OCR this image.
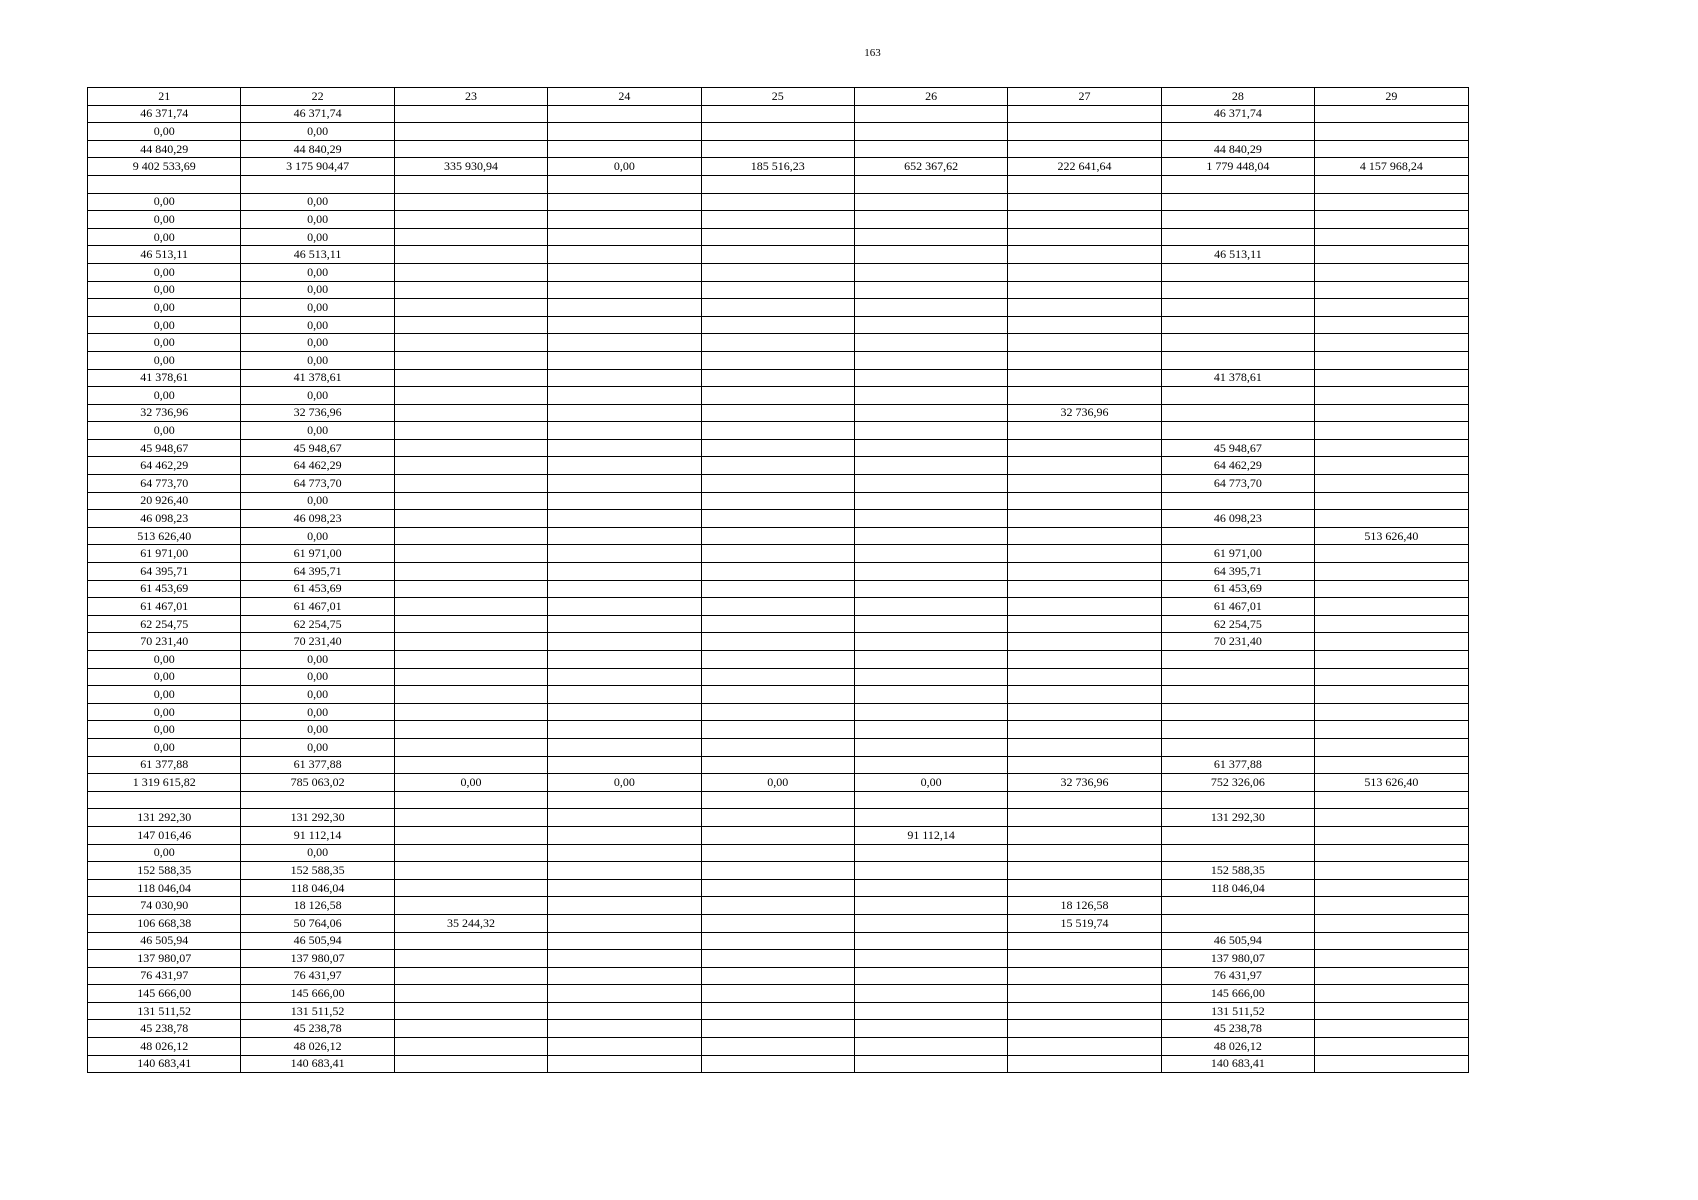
163
21	22	23	24	25	26	27	28	29
46 371,74	46 371,74						46 371,74	
0,00	0,00							
44 840,29	44 840,29						44 840,29	
9 402 533,69	3 175 904,47	335 930,94	0,00	185 516,23	652 367,62	222 641,64	1 779 448,04	4 157 968,24

0,00	0,00							
0,00	0,00							
0,00	0,00							
46 513,11	46 513,11						46 513,11	
0,00	0,00							
0,00	0,00							
0,00	0,00							
0,00	0,00							
0,00	0,00							
0,00	0,00							
41 378,61	41 378,61						41 378,61	
0,00	0,00							
32 736,96	32 736,96					32 736,96		
0,00	0,00							
45 948,67	45 948,67						45 948,67	
64 462,29	64 462,29						64 462,29	
64 773,70	64 773,70						64 773,70	
20 926,40	0,00							
46 098,23	46 098,23						46 098,23	
513 626,40	0,00							513 626,40
61 971,00	61 971,00						61 971,00	
64 395,71	64 395,71						64 395,71	
61 453,69	61 453,69						61 453,69	
61 467,01	61 467,01						61 467,01	
62 254,75	62 254,75						62 254,75	
70 231,40	70 231,40						70 231,40	
0,00	0,00							
0,00	0,00							
0,00	0,00							
0,00	0,00							
0,00	0,00							
0,00	0,00							
61 377,88	61 377,88						61 377,88	
1 319 615,82	785 063,02	0,00	0,00	0,00	0,00	32 736,96	752 326,06	513 626,40

131 292,30	131 292,30						131 292,30	
147 016,46	91 112,14				91 112,14			
0,00	0,00							
152 588,35	152 588,35						152 588,35	
118 046,04	118 046,04						118 046,04	
74 030,90	18 126,58					18 126,58		
106 668,38	50 764,06	35 244,32				15 519,74		
46 505,94	46 505,94						46 505,94	
137 980,07	137 980,07						137 980,07	
76 431,97	76 431,97						76 431,97	
145 666,00	145 666,00						145 666,00	
131 511,52	131 511,52						131 511,52	
45 238,78	45 238,78						45 238,78	
48 026,12	48 026,12						48 026,12	
140 683,41	140 683,41						140 683,41	
